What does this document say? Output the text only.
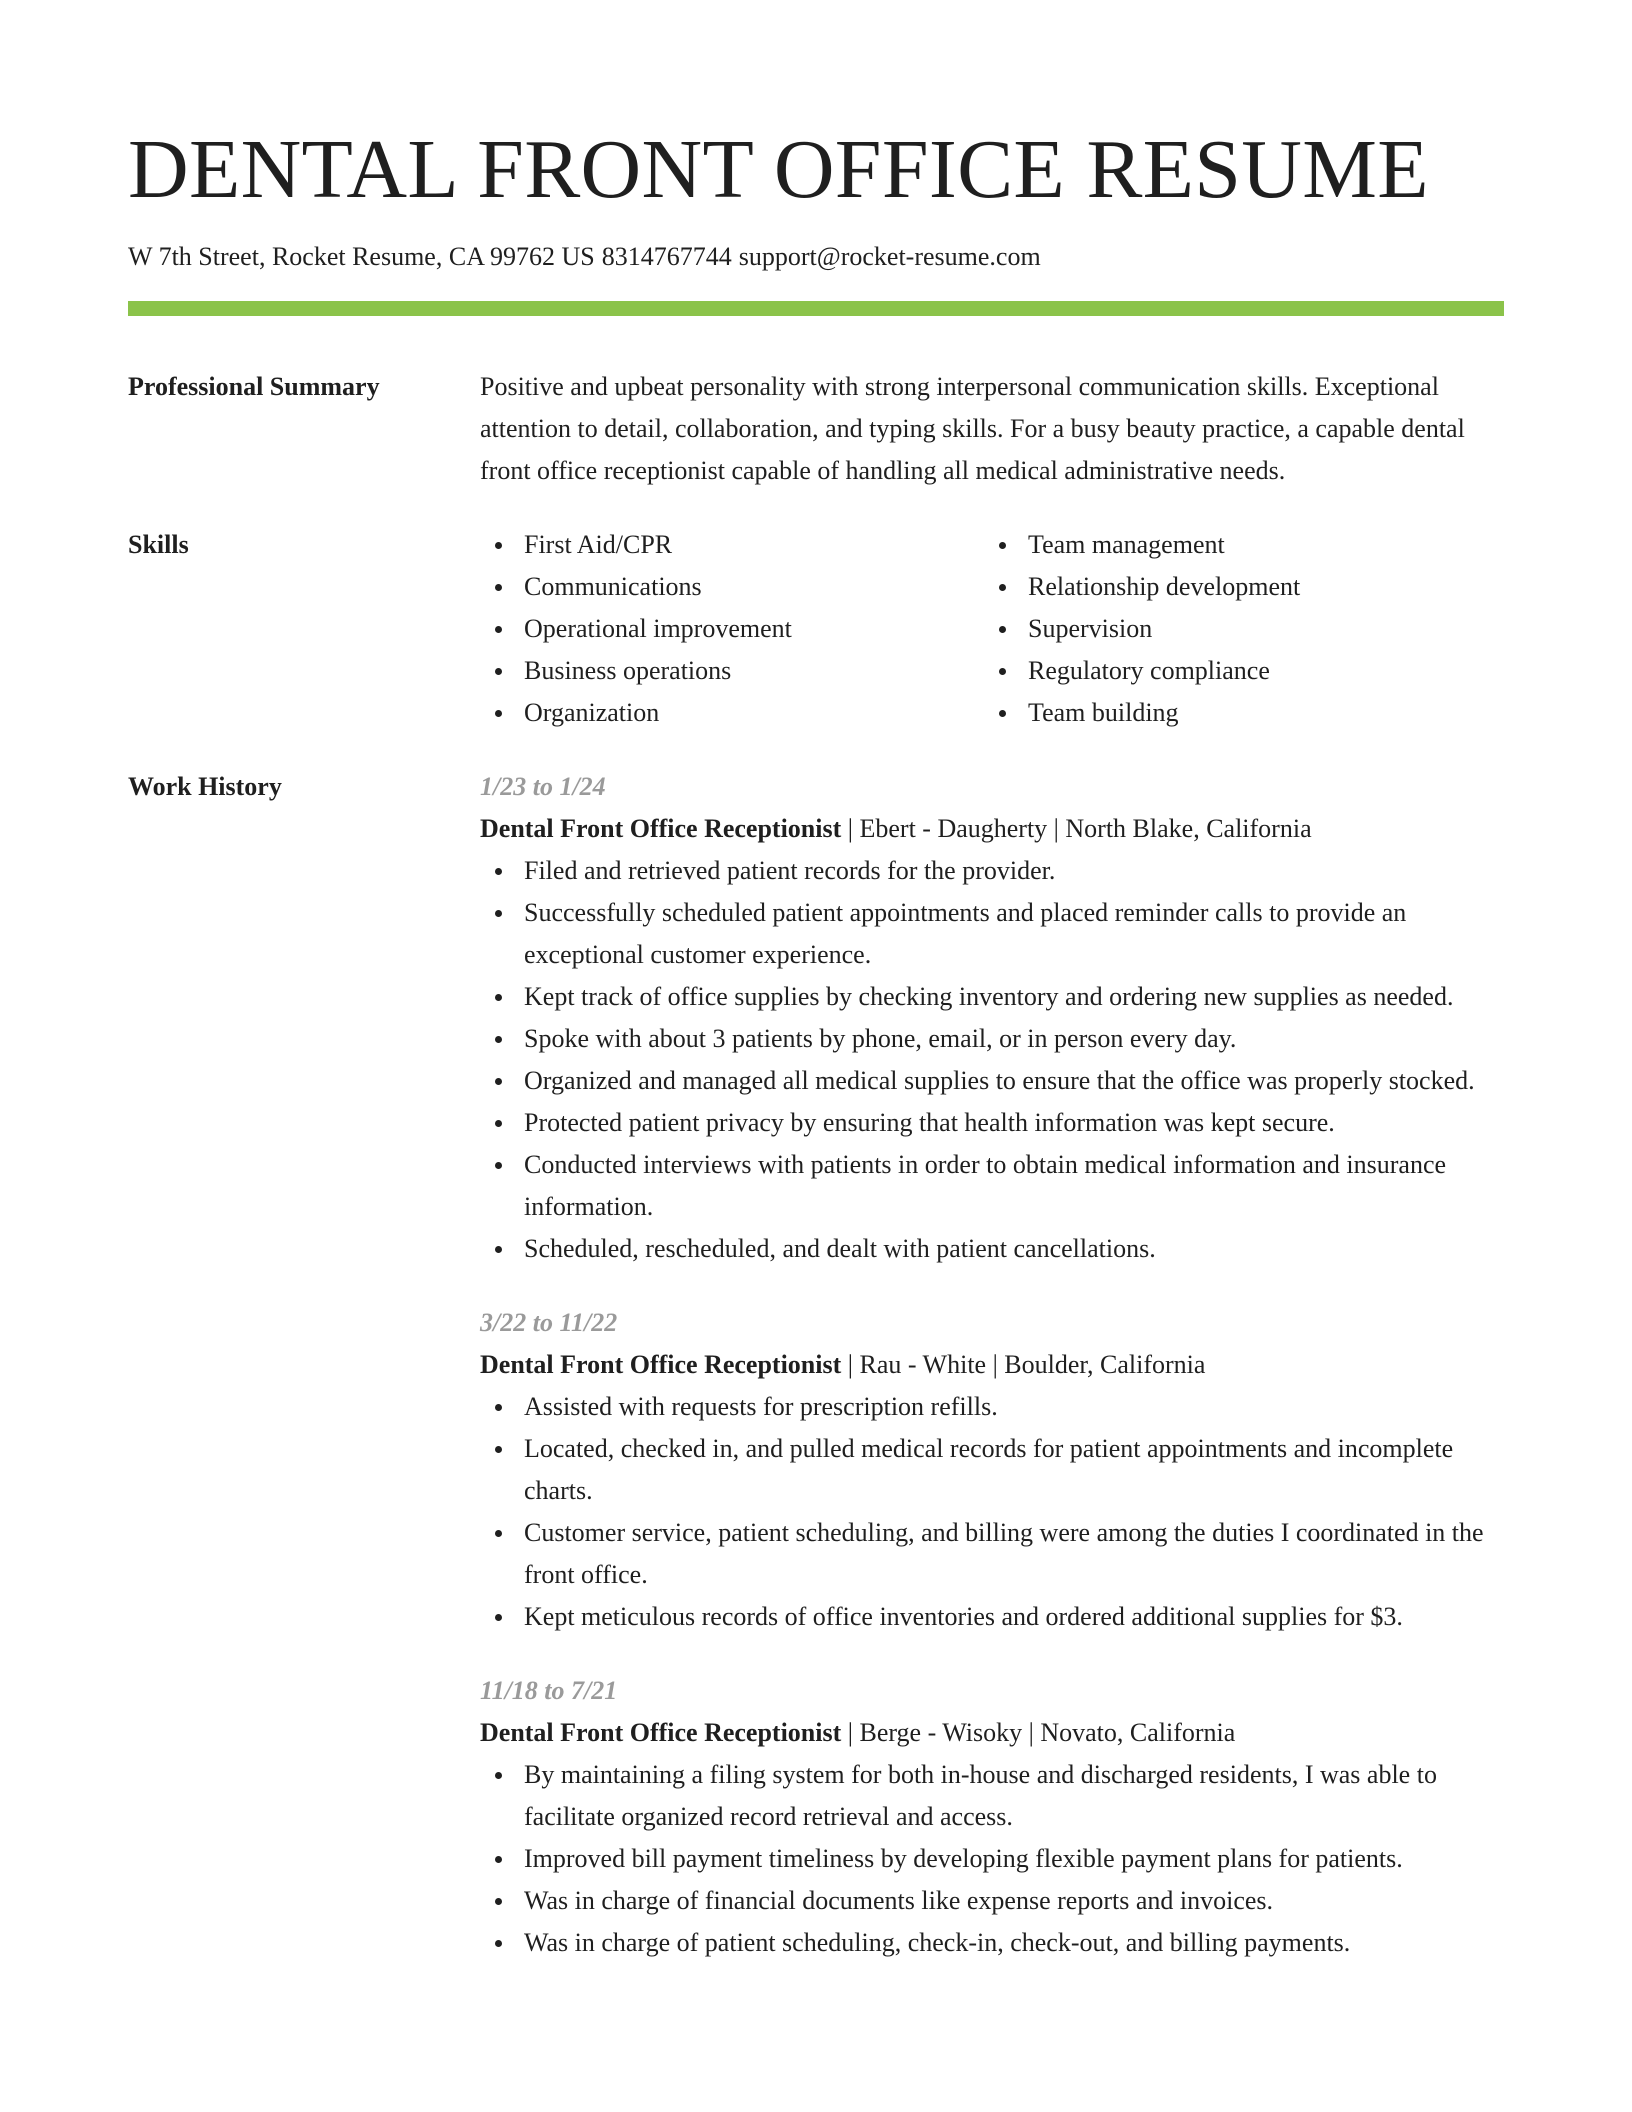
DENTAL FRONT OFFICE RESUME
W 7th Street, Rocket Resume, CA 99762 US 8314767744 support@rocket-resume.com
Professional Summary	Positive and upbeat personality with strong interpersonal communication skills. Exceptional attention to detail, collaboration, and typing skills. For a busy beauty practice, a capable dental front office receptionist capable of handling all medical administrative needs.
Skills	First Aid/CPR
Communications
Operational improvement
Business operations
Organization
Team management
Relationship development
Supervision
Regulatory compliance
Team building
Work History	1/23 to 1/24
Dental Front Office Receptionist | Ebert - Daugherty | North Blake, California
Filed and retrieved patient records for the provider.
Successfully scheduled patient appointments and placed reminder calls to provide an exceptional customer experience.
Kept track of office supplies by checking inventory and ordering new supplies as needed.
Spoke with about 3 patients by phone, email, or in person every day.
Organized and managed all medical supplies to ensure that the office was properly stocked.
Protected patient privacy by ensuring that health information was kept secure.
Conducted interviews with patients in order to obtain medical information and insurance information.
Scheduled, rescheduled, and dealt with patient cancellations.
3/22 to 11/22
Dental Front Office Receptionist | Rau - White | Boulder, California
Assisted with requests for prescription refills.
Located, checked in, and pulled medical records for patient appointments and incomplete charts.
Customer service, patient scheduling, and billing were among the duties I coordinated in the front office.
Kept meticulous records of office inventories and ordered additional supplies for $3.
11/18 to 7/21
Dental Front Office Receptionist | Berge - Wisoky | Novato, California
By maintaining a filing system for both in-house and discharged residents, I was able to facilitate organized record retrieval and access.
Improved bill payment timeliness by developing flexible payment plans for patients.
Was in charge of financial documents like expense reports and invoices.
Was in charge of patient scheduling, check-in, check-out, and billing payments.
